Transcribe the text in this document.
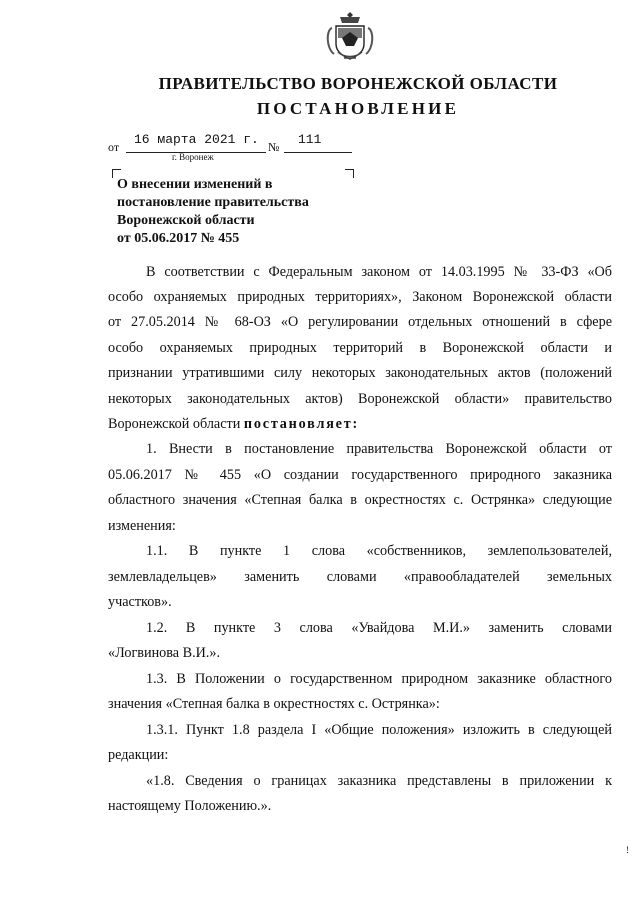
ПРАВИТЕЛЬСТВО ВОРОНЕЖСКОЙ ОБЛАСТИ
ПОСТАНОВЛЕНИЕ
от 16 марта 2021 г. № 111
г. Воронеж
О внесении изменений в
постановление правительства
Воронежской области
от 05.06.2017 № 455
В соответствии с Федеральным законом от 14.03.1995 № 33-ФЗ «Об
особо охраняемых природных территориях», Законом Воронежской области
от 27.05.2014 № 68-ОЗ «О регулировании отдельных отношений в сфере
особо охраняемых природных территорий в Воронежской области и
признании утратившими силу некоторых законодательных актов (положений
некоторых законодательных актов) Воронежской области» правительство
Воронежской области постановляет:
1. Внести в постановление правительства Воронежской области от
05.06.2017 № 455 «О создании государственного природного заказника
областного значения «Степная балка в окрестностях с. Острянка» следующие
изменения:
1.1. В пункте 1 слова «собственников, землепользователей,
землевладельцев» заменить словами «правообладателей земельных
участков».
1.2. В пункте 3 слова «Увайдова М.И.» заменить словами
«Логвинова В.И.».
1.3. В Положении о государственном природном заказнике областного
значения «Степная балка в окрестностях с. Острянка»:
1.3.1. Пункт 1.8 раздела I «Общие положения» изложить в следующей
редакции:
«1.8. Сведения о границах заказника представлены в приложении к
настоящему Положению.».
!
